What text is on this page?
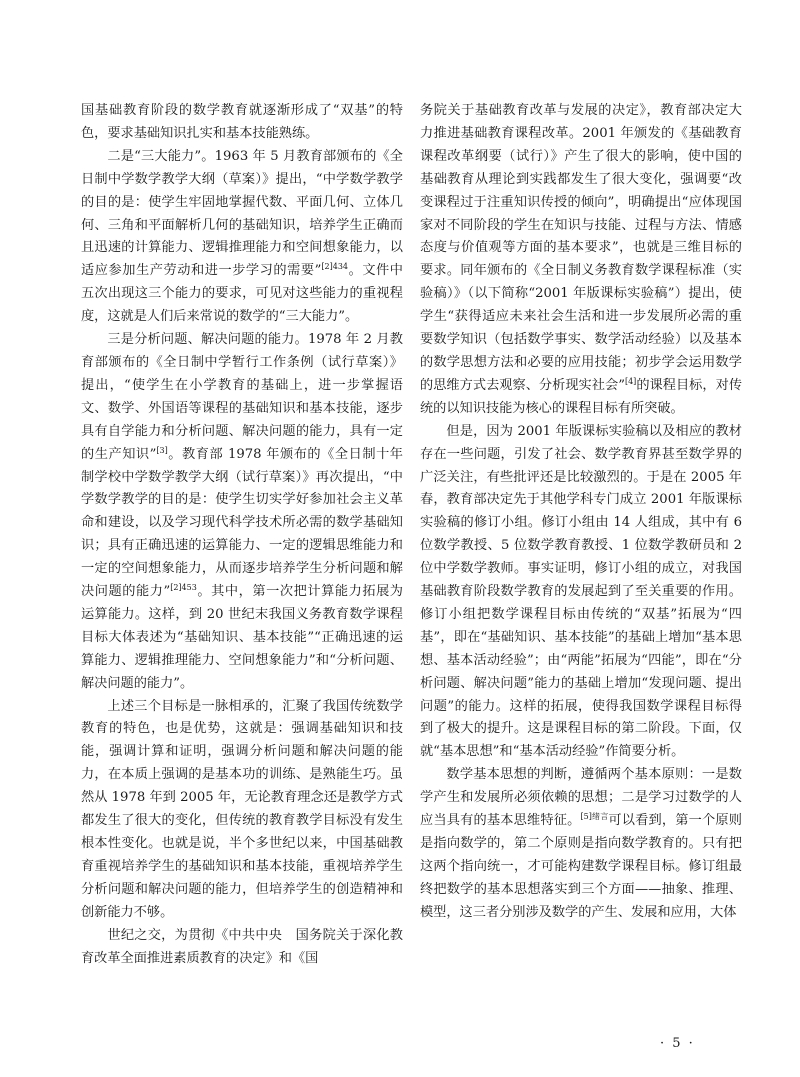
国基础教育阶段的数学教育就逐渐形成了“双基”的特色，要求基础知识扎实和基本技能熟练。

二是“三大能力”。1963 年 5 月教育部颁布的《全日制中学数学教学大纲（草案）》提出，“中学数学教学的目的是：使学生牢固地掌握代数、平面几何、立体几何、三角和平面解析几何的基础知识，培养学生正确而且迅速的计算能力、逻辑推理能力和空间想象能力，以适应参加生产劳动和进一步学习的需要”$^{[2]434}$。文件中五次出现这三个能力的要求，可见对这些能力的重视程度，这就是人们后来常说的数学的“三大能力”。

三是分析问题、解决问题的能力。1978 年 2 月教育部颁布的《全日制中学暂行工作条例（试行草案）》提出，“使学生在小学教育的基础上，进一步掌握语文、数学、外国语等课程的基础知识和基本技能，逐步具有自学能力和分析问题、解决问题的能力，具有一定的生产知识”[3]。教育部 1978 年颁布的《全日制十年制学校中学数学教学大纲（试行草案）》再次提出，“中学数学教学的目的是：使学生切实学好参加社会主义革命和建设，以及学习现代科学技术所必需的数学基础知识；具有正确迅速的运算能力、一定的逻辑思维能力和一定的空间想象能力，从而逐步培养学生分析问题和解决问题的能力”$^{[2]453}$。其中，第一次把计算能力拓展为运算能力。这样，到 20 世纪末我国义务教育数学课程目标大体表述为“基础知识、基本技能”“正确迅速的运算能力、逻辑推理能力、空间想象能力”和“分析问题、解决问题的能力”。

上述三个目标是一脉相承的，汇聚了我国传统数学教育的特色，也是优势，这就是：强调基础知识和技能，强调计算和证明，强调分析问题和解决问题的能力，在本质上强调的是基本功的训练、是熟能生巧。虽然从 1978 年到 2005 年，无论教育理念还是教学方式都发生了很大的变化，但传统的教育教学目标没有发生根本性变化。也就是说，半个多世纪以来，中国基础教育重视培养学生的基础知识和基本技能，重视培养学生分析问题和解决问题的能力，但培养学生的创造精神和创新能力不够。

世纪之交，为贯彻《中共中央　国务院关于深化教育改革全面推进素质教育的决定》和《国

务院关于基础教育改革与发展的决定》，教育部决定大力推进基础教育课程改革。2001 年颁发的《基础教育课程改革纲要（试行）》产生了很大的影响，使中国的基础教育从理论到实践都发生了很大变化，强调要“改变课程过于注重知识传授的倾向”，明确提出“应体现国家对不同阶段的学生在知识与技能、过程与方法、情感态度与价值观等方面的基本要求”，也就是三维目标的要求。同年颁布的《全日制义务教育数学课程标准（实验稿）》（以下简称“2001 年版课标实验稿”）提出，使学生“获得适应未来社会生活和进一步发展所必需的重要数学知识（包括数学事实、数学活动经验）以及基本的数学思想方法和必要的应用技能；初步学会运用数学的思维方式去观察、分析现实社会”[4]的课程目标，对传统的以知识技能为核心的课程目标有所突破。

但是，因为 2001 年版课标实验稿以及相应的教材存在一些问题，引发了社会、数学教育界甚至数学界的广泛关注，有些批评还是比较激烈的。于是在 2005 年春，教育部决定先于其他学科专门成立 2001 年版课标实验稿的修订小组。修订小组由 14 人组成，其中有 6 位数学教授、5 位数学教育教授、1 位数学教研员和 2 位中学数学教师。事实证明，修订小组的成立，对我国基础教育阶段数学教育的发展起到了至关重要的作用。修订小组把数学课程目标由传统的“双基”拓展为“四基”，即在“基础知识、基本技能”的基础上增加“基本思想、基本活动经验”；由“两能”拓展为“四能”，即在“分析问题、解决问题”能力的基础上增加“发现问题、提出问题”的能力。这样的拓展，使得我国数学课程目标得到了极大的提升。这是课程目标的第二阶段。下面，仅就“基本思想”和“基本活动经验”作简要分析。

数学基本思想的判断，遵循两个基本原则：一是数学产生和发展所必须依赖的思想；二是学习过数学的人应当具有的基本思维特征。$^{[5]绪言}$可以看到，第一个原则是指向数学的，第二个原则是指向数学教育的。只有把这两个指向统一，才可能构建数学课程目标。修订组最终把数学的基本思想落实到三个方面——抽象、推理、模型，这三者分别涉及数学的产生、发展和应用，大体

· 5 ·
